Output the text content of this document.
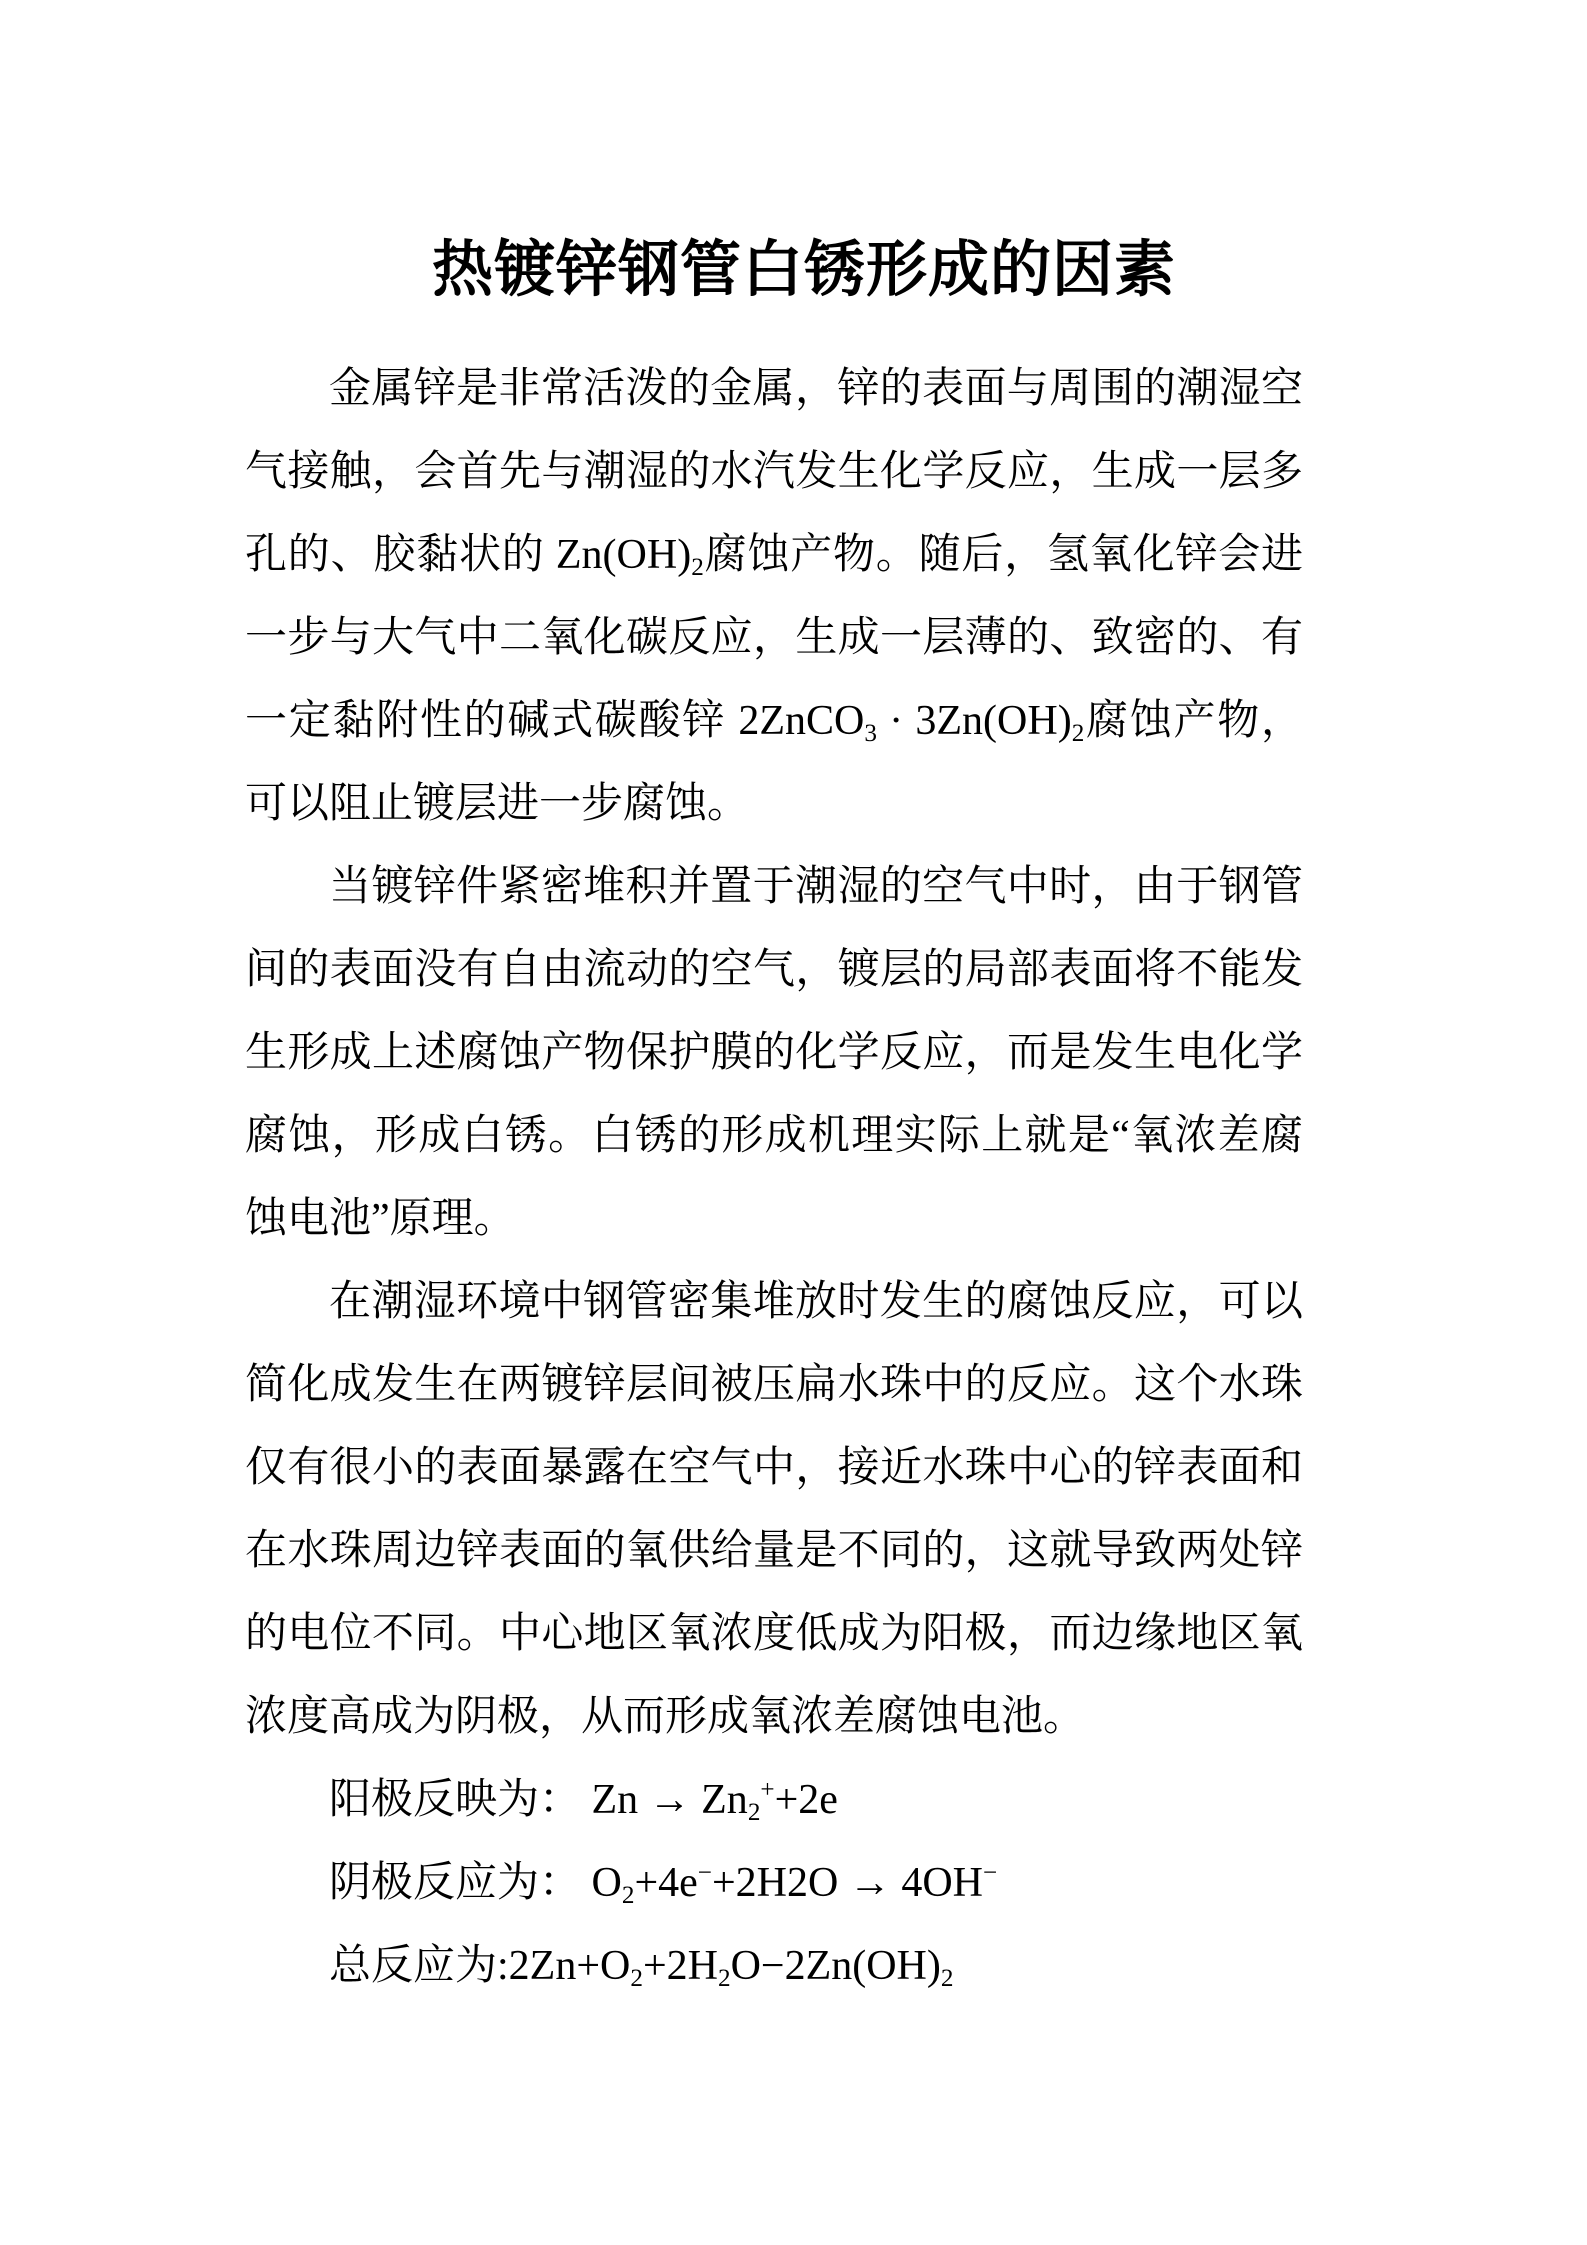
热镀锌钢管白锈形成的因素

金属锌是非常活泼的金属，锌的表面与周围的潮湿空气接触，会首先与潮湿的水汽发生化学反应，生成一层多孔的、胶黏状的 $Zn(OH)_2$腐蚀产物。随后，氢氧化锌会进一步与大气中二氧化碳反应，生成一层薄的、致密的、有一定黏附性的碱式碳酸锌 2ZnCO$_3$ · $3Zn(OH)_2$腐蚀产物，可以阻止镀层进一步腐蚀。

当镀锌件紧密堆积并置于潮湿的空气中时，由于钢管间的表面没有自由流动的空气，镀层的局部表面将不能发生形成上述腐蚀产物保护膜的化学反应，而是发生电化学腐蚀，形成白锈。白锈的形成机理实际上就是“氧浓差腐蚀电池”原理。

在潮湿环境中钢管密集堆放时发生的腐蚀反应，可以简化成发生在两镀锌层间被压扁水珠中的反应。这个水珠仅有很小的表面暴露在空气中，接近水珠中心的锌表面和在水珠周边锌表面的氧供给量是不同的，这就导致两处锌的电位不同。中心地区氧浓度低成为阳极，而边缘地区氧浓度高成为阴极，从而形成氧浓差腐蚀电池。

阳极反映为： $Zn \to Zn_2^++2e$

阴极反应为： $O_2+4e^-+2H2O \to 4OH^-$

总反应为$:2Zn+O_2+2H_2O-2Zn(OH)_2$
